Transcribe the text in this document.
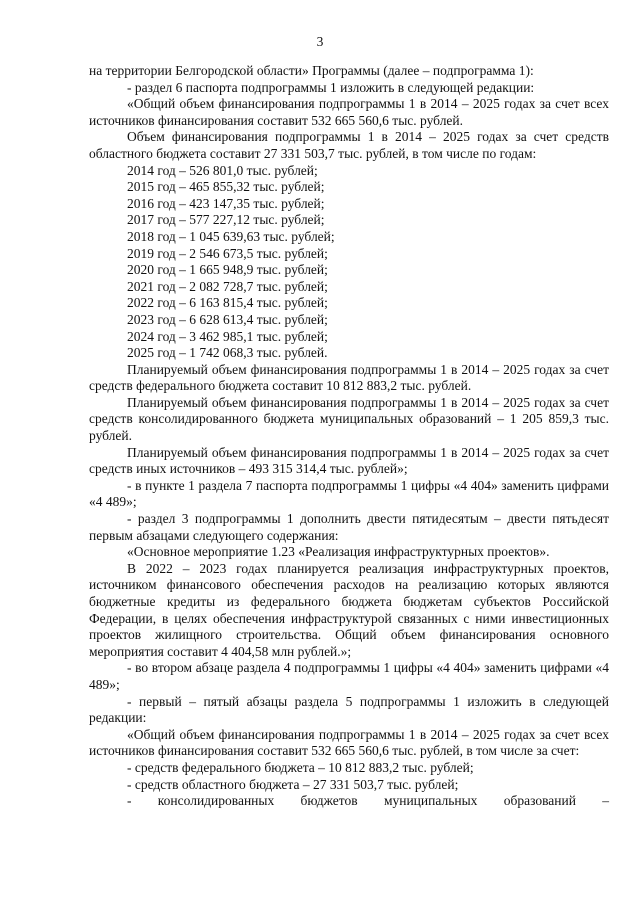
3

на территории Белгородской области» Программы (далее – подпрограмма 1):

- раздел 6 паспорта подпрограммы 1 изложить в следующей редакции:

«Общий объем финансирования подпрограммы 1 в 2014 – 2025 годах за счет всех источников финансирования составит 532 665 560,6 тыс. рублей.

Объем финансирования подпрограммы 1 в 2014 – 2025 годах за счет средств областного бюджета составит 27 331 503,7 тыс. рублей, в том числе по годам:

2014 год – 526 801,0 тыс. рублей;
2015 год – 465 855,32 тыс. рублей;
2016 год – 423 147,35 тыс. рублей;
2017 год – 577 227,12 тыс. рублей;
2018 год – 1 045 639,63 тыс. рублей;
2019 год – 2 546 673,5 тыс. рублей;
2020 год – 1 665 948,9 тыс. рублей;
2021 год – 2 082 728,7 тыс. рублей;
2022 год – 6 163 815,4 тыс. рублей;
2023 год – 6 628 613,4 тыс. рублей;
2024 год – 3 462 985,1 тыс. рублей;
2025 год – 1 742 068,3 тыс. рублей.

Планируемый объем финансирования подпрограммы 1 в 2014 – 2025 годах за счет средств федерального бюджета составит 10 812 883,2 тыс. рублей.

Планируемый объем финансирования подпрограммы 1 в 2014 – 2025 годах за счет средств консолидированного бюджета муниципальных образований – 1 205 859,3 тыс. рублей.

Планируемый объем финансирования подпрограммы 1 в 2014 – 2025 годах за счет средств иных источников – 493 315 314,4 тыс. рублей»;

- в пункте 1 раздела 7 паспорта подпрограммы 1 цифры «4 404» заменить цифрами «4 489»;

- раздел 3 подпрограммы 1 дополнить двести пятидесятым – двести пятьдесят первым абзацами следующего содержания:

«Основное мероприятие 1.23 «Реализация инфраструктурных проектов».

В 2022 – 2023 годах планируется реализация инфраструктурных проектов, источником финансового обеспечения расходов на реализацию которых являются бюджетные кредиты из федерального бюджета бюджетам субъектов Российской Федерации, в целях обеспечения инфраструктурой связанных с ними инвестиционных проектов жилищного строительства. Общий объем финансирования основного мероприятия составит 4 404,58 млн рублей.»;

- во втором абзаце раздела 4 подпрограммы 1 цифры «4 404» заменить цифрами «4 489»;

- первый – пятый абзацы раздела 5 подпрограммы 1 изложить в следующей редакции:

«Общий объем финансирования подпрограммы 1 в 2014 – 2025 годах за счет всех источников финансирования составит 532 665 560,6 тыс. рублей, в том числе за счет:

- средств федерального бюджета – 10 812 883,2 тыс. рублей;

- средств областного бюджета – 27 331 503,7 тыс. рублей;

- консолидированных бюджетов муниципальных образований –
